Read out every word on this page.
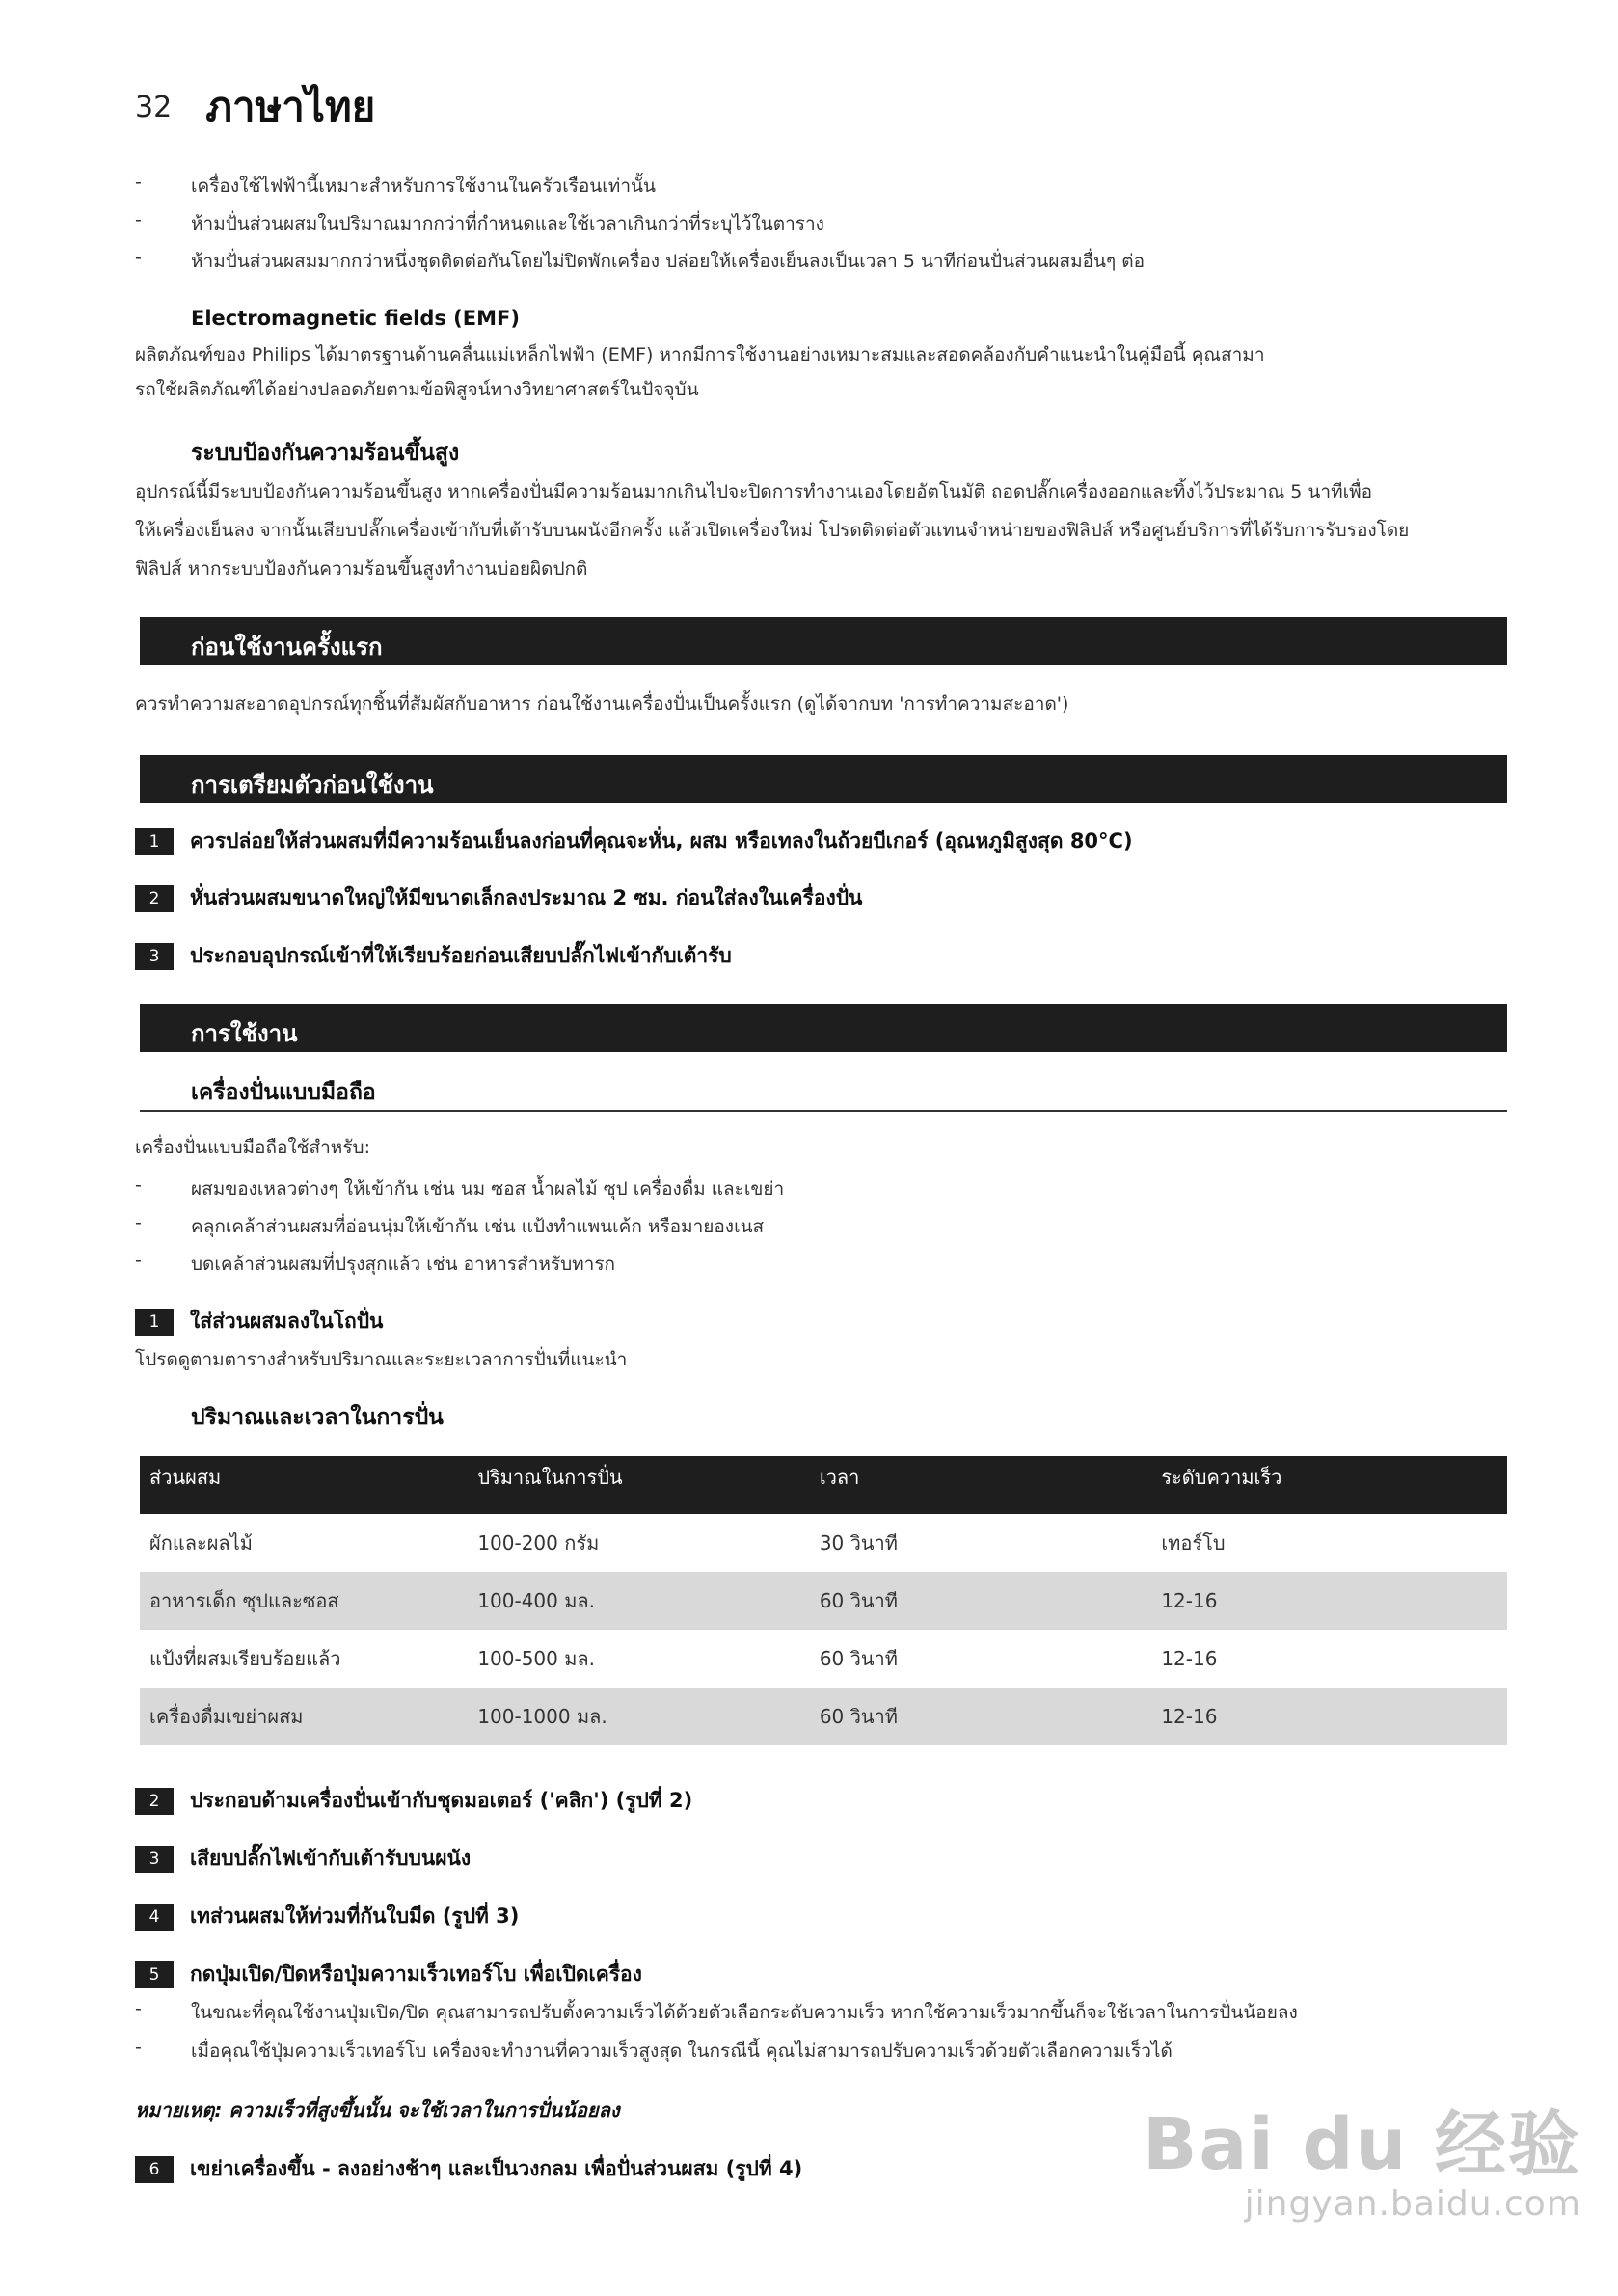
32 ภาษาไทย
-	เครื่องใช้ไฟฟ้านี้เหมาะสำหรับการใช้งานในครัวเรือนเท่านั้น
-	ห้ามปั่นส่วนผสมในปริมาณมากกว่าที่กำหนดและใช้เวลาเกินกว่าที่ระบุไว้ในตาราง
-	ห้ามปั่นส่วนผสมมากกว่าหนึ่งชุดติดต่อกันโดยไม่ปิดพักเครื่อง ปล่อยให้เครื่องเย็นลงเป็นเวลา 5 นาทีก่อนปั่นส่วนผสมอื่นๆ ต่อ
Electromagnetic fields (EMF)
ผลิตภัณฑ์ของ Philips ได้มาตรฐานด้านคลื่นแม่เหล็กไฟฟ้า (EMF) หากมีการใช้งานอย่างเหมาะสมและสอดคล้องกับคำแนะนำในคู่มือนี้ คุณสามา
รถใช้ผลิตภัณฑ์ได้อย่างปลอดภัยตามข้อพิสูจน์ทางวิทยาศาสตร์ในปัจจุบัน
ระบบป้องกันความร้อนขึ้นสูง
อุปกรณ์นี้มีระบบป้องกันความร้อนขึ้นสูง หากเครื่องปั่นมีความร้อนมากเกินไปจะปิดการทำงานเองโดยอัตโนมัติ ถอดปลั๊กเครื่องออกและทิ้งไว้ประมาณ 5 นาทีเพื่อ
ให้เครื่องเย็นลง จากนั้นเสียบปลั๊กเครื่องเข้ากับที่เต้ารับบนผนังอีกครั้ง แล้วเปิดเครื่องใหม่ โปรดติดต่อตัวแทนจำหน่ายของฟิลิปส์ หรือศูนย์บริการที่ได้รับการรับรองโดย
ฟิลิปส์ หากระบบป้องกันความร้อนขึ้นสูงทำงานบ่อยผิดปกติ
ก่อนใช้งานครั้งแรก
ควรทำความสะอาดอุปกรณ์ทุกชิ้นที่สัมผัสกับอาหาร ก่อนใช้งานเครื่องปั่นเป็นครั้งแรก (ดูได้จากบท 'การทำความสะอาด')
การเตรียมตัวก่อนใช้งาน
1 ควรปล่อยให้ส่วนผสมที่มีความร้อนเย็นลงก่อนที่คุณจะหั่น, ผสม หรือเทลงในถ้วยบีเกอร์ (อุณหภูมิสูงสุด 80°C)
2 หั่นส่วนผสมขนาดใหญ่ให้มีขนาดเล็กลงประมาณ 2 ซม. ก่อนใส่ลงในเครื่องปั่น
3 ประกอบอุปกรณ์เข้าที่ให้เรียบร้อยก่อนเสียบปลั๊กไฟเข้ากับเต้ารับ
การใช้งาน
เครื่องปั่นแบบมือถือ
เครื่องปั่นแบบมือถือใช้สำหรับ:
-	ผสมของเหลวต่างๆ ให้เข้ากัน เช่น นม ซอส น้ำผลไม้ ซุป เครื่องดื่ม และเขย่า
-	คลุกเคล้าส่วนผสมที่อ่อนนุ่มให้เข้ากัน เช่น แป้งทำแพนเค้ก หรือมายองเนส
-	บดเคล้าส่วนผสมที่ปรุงสุกแล้ว เช่น อาหารสำหรับทารก
1 ใส่ส่วนผสมลงในโถปั่น
โปรดดูตามตารางสำหรับปริมาณและระยะเวลาการปั่นที่แนะนำ
ปริมาณและเวลาในการปั่น
ส่วนผสม	ปริมาณในการปั่น	เวลา	ระดับความเร็ว
ผักและผลไม้	100-200 กรัม	30 วินาที	เทอร์โบ
อาหารเด็ก ซุปและซอส	100-400 มล.	60 วินาที	12-16
แป้งที่ผสมเรียบร้อยแล้ว	100-500 มล.	60 วินาที	12-16
เครื่องดื่มเขย่าผสม	100-1000 มล.	60 วินาที	12-16
2 ประกอบด้ามเครื่องปั่นเข้ากับชุดมอเตอร์ ('คลิก') (รูปที่ 2)
3 เสียบปลั๊กไฟเข้ากับเต้ารับบนผนัง
4 เทส่วนผสมให้ท่วมที่กันใบมีด (รูปที่ 3)
5 กดปุ่มเปิด/ปิดหรือปุ่มความเร็วเทอร์โบ เพื่อเปิดเครื่อง
-	ในขณะที่คุณใช้งานปุ่มเปิด/ปิด คุณสามารถปรับตั้งความเร็วได้ด้วยตัวเลือกระดับความเร็ว หากใช้ความเร็วมากขึ้นก็จะใช้เวลาในการปั่นน้อยลง
-	เมื่อคุณใช้ปุ่มความเร็วเทอร์โบ เครื่องจะทำงานที่ความเร็วสูงสุด ในกรณีนี้ คุณไม่สามารถปรับความเร็วด้วยตัวเลือกความเร็วได้
หมายเหตุ: ความเร็วที่สูงขึ้นนั้น จะใช้เวลาในการปั่นน้อยลง
6 เขย่าเครื่องขึ้น - ลงอย่างช้าๆ และเป็นวงกลม เพื่อปั่นส่วนผสม (รูปที่ 4)	Bai du 经验
jingyan.baidu.com
